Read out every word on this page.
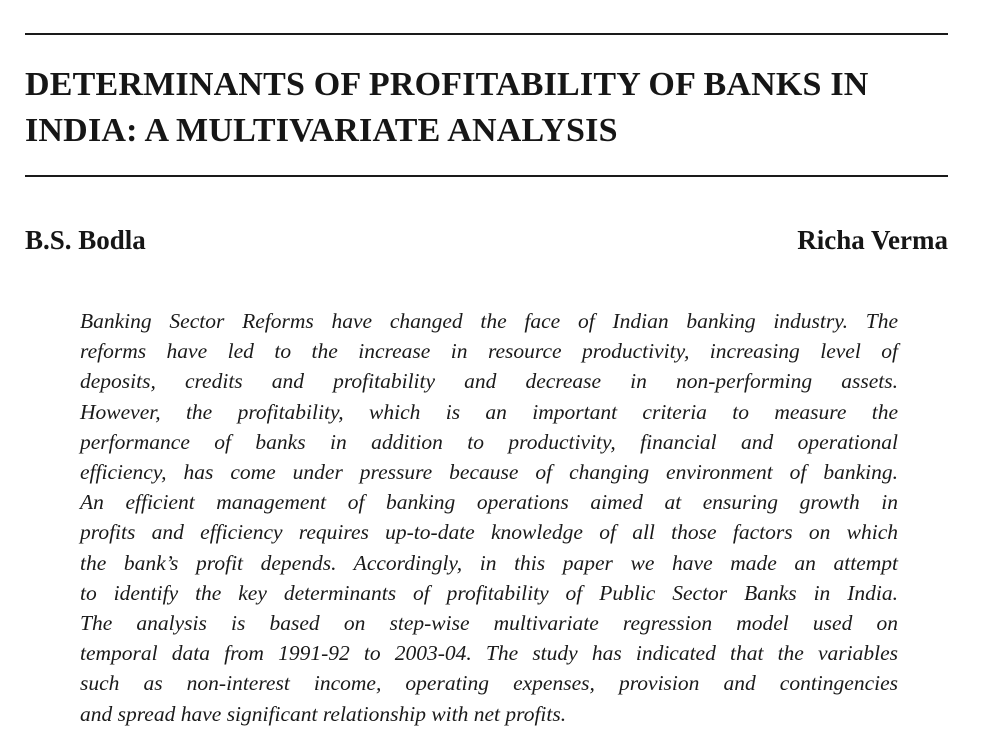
DETERMINANTS OF PROFITABILITY OF BANKS IN
INDIA: A MULTIVARIATE ANALYSIS
B.S. Bodla	Richa Verma
Banking Sector Reforms have changed the face of Indian banking industry. The
reforms have led to the increase in resource productivity, increasing level of
deposits, credits and profitability and decrease in non-performing assets.
However, the profitability, which is an important criteria to measure the
performance of banks in addition to productivity, financial and operational
efficiency, has come under pressure because of changing environment of banking.
An efficient management of banking operations aimed at ensuring growth in
profits and efficiency requires up-to-date knowledge of all those factors on which
the bank’s profit depends. Accordingly, in this paper we have made an attempt
to identify the key determinants of profitability of Public Sector Banks in India.
The analysis is based on step-wise multivariate regression model used on
temporal data from 1991-92 to 2003-04. The study has indicated that the variables
such as non-interest income, operating expenses, provision and contingencies
and spread have significant relationship with net profits.
